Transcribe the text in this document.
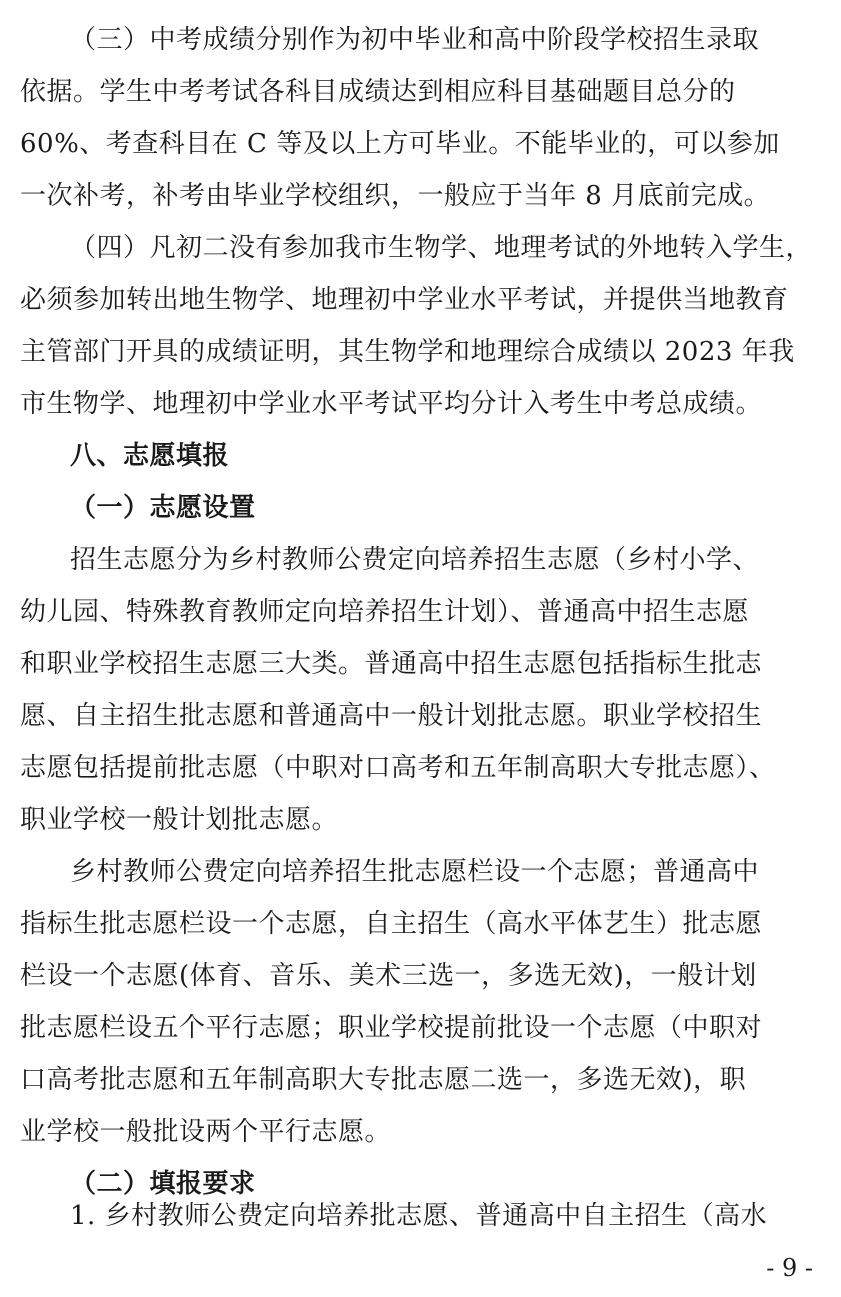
（三）中考成绩分别作为初中毕业和高中阶段学校招生录取
依据。学生中考考试各科目成绩达到相应科目基础题目总分的
60%、考查科目在 C 等及以上方可毕业。不能毕业的，可以参加
一次补考，补考由毕业学校组织，一般应于当年 8 月底前完成。
（四）凡初二没有参加我市生物学、地理考试的外地转入学生，
必须参加转出地生物学、地理初中学业水平考试，并提供当地教育
主管部门开具的成绩证明，其生物学和地理综合成绩以 2023 年我
市生物学、地理初中学业水平考试平均分计入考生中考总成绩。
八、志愿填报
（一）志愿设置
招生志愿分为乡村教师公费定向培养招生志愿（乡村小学、
幼儿园、特殊教育教师定向培养招生计划）、普通高中招生志愿
和职业学校招生志愿三大类。普通高中招生志愿包括指标生批志
愿、自主招生批志愿和普通高中一般计划批志愿。职业学校招生
志愿包括提前批志愿（中职对口高考和五年制高职大专批志愿）、
职业学校一般计划批志愿。
乡村教师公费定向培养招生批志愿栏设一个志愿；普通高中
指标生批志愿栏设一个志愿，自主招生（高水平体艺生）批志愿
栏设一个志愿(体育、音乐、美术三选一，多选无效)，一般计划
批志愿栏设五个平行志愿；职业学校提前批设一个志愿（中职对
口高考批志愿和五年制高职大专批志愿二选一，多选无效)，职
业学校一般批设两个平行志愿。
（二）填报要求
1. 乡村教师公费定向培养批志愿、普通高中自主招生（高水
- 9 -
